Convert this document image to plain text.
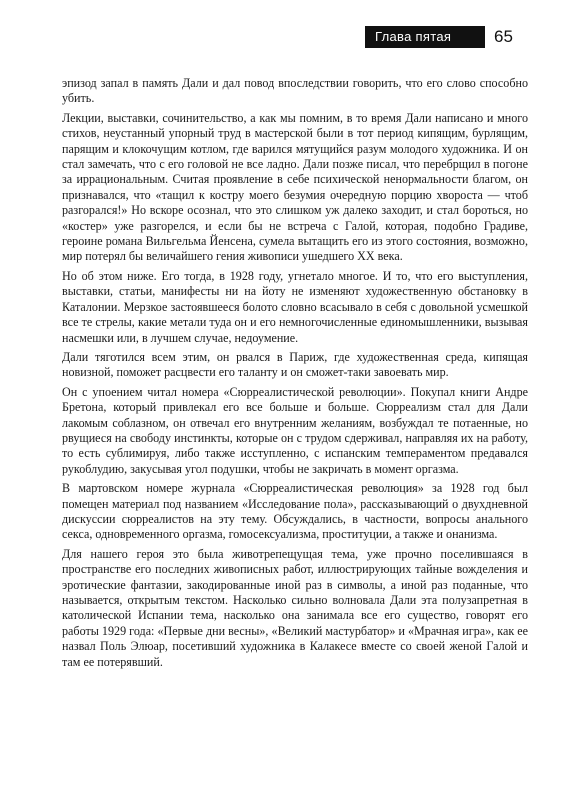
Глава пятая	65

эпизод запал в память Дали и дал повод впоследствии говорить, что его слово способно убить.

Лекции, выставки, сочинительство, а как мы помним, в то время Дали написано и много стихов, неустанный упорный труд в мастерской были в тот период кипящим, бурлящим, парящим и клокочущим котлом, где варился мятущийся разум молодого художника. И он стал замечать, что с его головой не все ладно. Дали позже писал, что перебрщил в погоне за иррациональным. Считая проявление в себе психической ненормальности благом, он признавался, что «тащил к костру моего безумия очередную порцию хвороста — чтоб разгорался!» Но вскоре осознал, что это слишком уж далеко заходит, и стал бороться, но «костер» уже разгорелся, и если бы не встреча с Галой, которая, подобно Градиве, героине романа Вильгельма Йенсена, сумела вытащить его из этого состояния, возможно, мир потерял бы величайшего гения живописи ушедшего XX века.

Но об этом ниже. Его тогда, в 1928 году, угнетало многое. И то, что его выступления, выставки, статьи, манифесты ни на йоту не изменяют художественную обстановку в Каталонии. Мерзкое застоявшееся болото словно всасывало в себя с довольной усмешкой все те стрелы, какие метали туда он и его немногочисленные единомышленники, вызывая насмешки или, в лучшем случае, недоумение.

Дали тяготился всем этим, он рвался в Париж, где художественная среда, кипящая новизной, поможет расцвести его таланту и он сможет-таки завоевать мир.

Он с упоением читал номера «Сюрреалистической революции». Покупал книги Андре Бретона, который привлекал его все больше и больше. Сюрреализм стал для Дали лакомым соблазном, он отвечал его внутренним желаниям, возбуждал те потаенные, но рвущиеся на свободу инстинкты, которые он с трудом сдерживал, направляя их на работу, то есть сублимируя, либо также исступленно, с испанским темпераментом предавался рукоблудию, закусывая угол подушки, чтобы не закричать в момент оргазма.

В мартовском номере журнала «Сюрреалистическая революция» за 1928 год был помещен материал под названием «Исследование пола», рассказывающий о двухдневной дискуссии сюрреалистов на эту тему. Обсуждались, в частности, вопросы анального секса, одновременного оргазма, гомосексуализма, проституции, а также и онанизма.

Для нашего героя это была животрепещущая тема, уже прочно поселившаяся в пространстве его последних живописных работ, иллюстрирующих тайные вожделения и эротические фантазии, закодированные иной раз в символы, а иной раз поданные, что называется, открытым текстом. Насколько сильно волновала Дали эта полузапретная в католической Испании тема, насколько она занимала все его существо, говорят его работы 1929 года: «Первые дни весны», «Великий мастурбатор» и «Мрачная игра», как ее назвал Поль Элюар, посетивший художника в Калакесе вместе со своей женой Галой и там ее потерявший.
